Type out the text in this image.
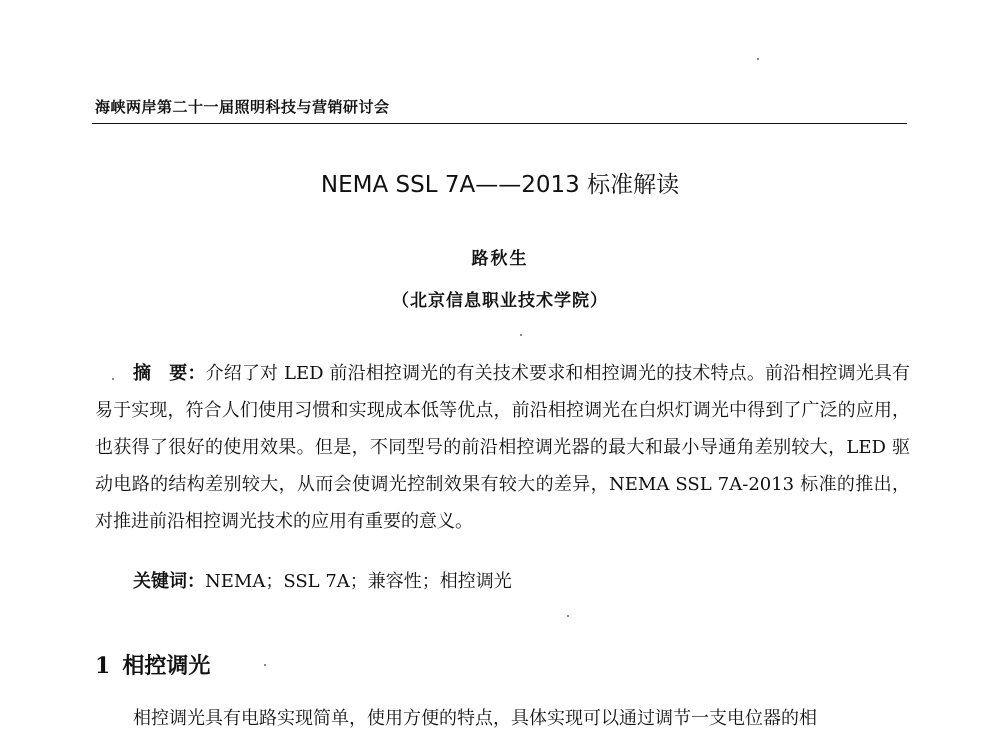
海峡两岸第二十一届照明科技与营销研讨会
NEMA SSL 7A——2013 标准解读
路秋生
（北京信息职业技术学院）
摘　要：介绍了对 LED 前沿相控调光的有关技术要求和相控调光的技术特点。前沿相控调光具有易于实现，符合人们使用习惯和实现成本低等优点，前沿相控调光在白炽灯调光中得到了广泛的应用，也获得了很好的使用效果。但是，不同型号的前沿相控调光器的最大和最小导通角差别较大，LED 驱动电路的结构差别较大，从而会使调光控制效果有较大的差异，NEMA SSL 7A-2013 标准的推出，对推进前沿相控调光技术的应用有重要的意义。
关键词：NEMA；SSL 7A；兼容性；相控调光
1 相控调光
相控调光具有电路实现简单，使用方便的特点，具体实现可以通过调节一支电位器的相
